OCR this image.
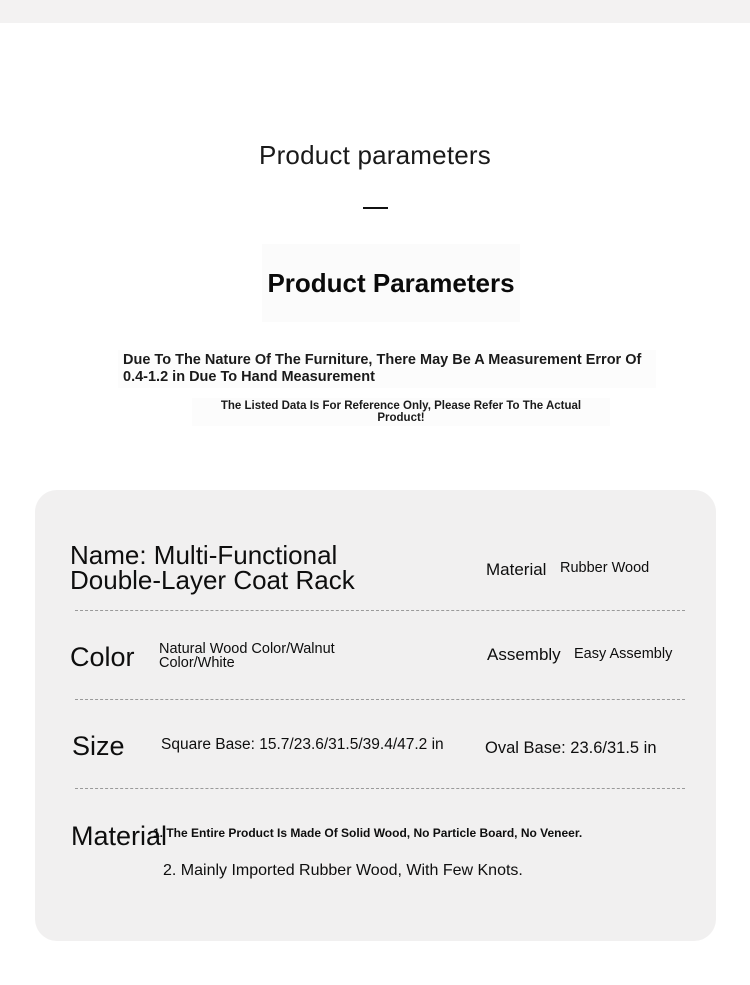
Product parameters
Product Parameters
Due To The Nature Of The Furniture, There May Be A Measurement Error Of 0.4-1.2 in Due To Hand Measurement
The Listed Data Is For Reference Only, Please Refer To The Actual Product!
Name: Multi-Functional Double-Layer Coat Rack	Material Rubber Wood
Color Natural Wood Color/Walnut Color/White	Assembly Easy Assembly
Size Square Base: 15.7/23.6/31.5/39.4/47.2 in	Oval Base: 23.6/31.5 in
Material
1. The Entire Product Is Made Of Solid Wood, No Particle Board, No Veneer.
2. Mainly Imported Rubber Wood, With Few Knots.
